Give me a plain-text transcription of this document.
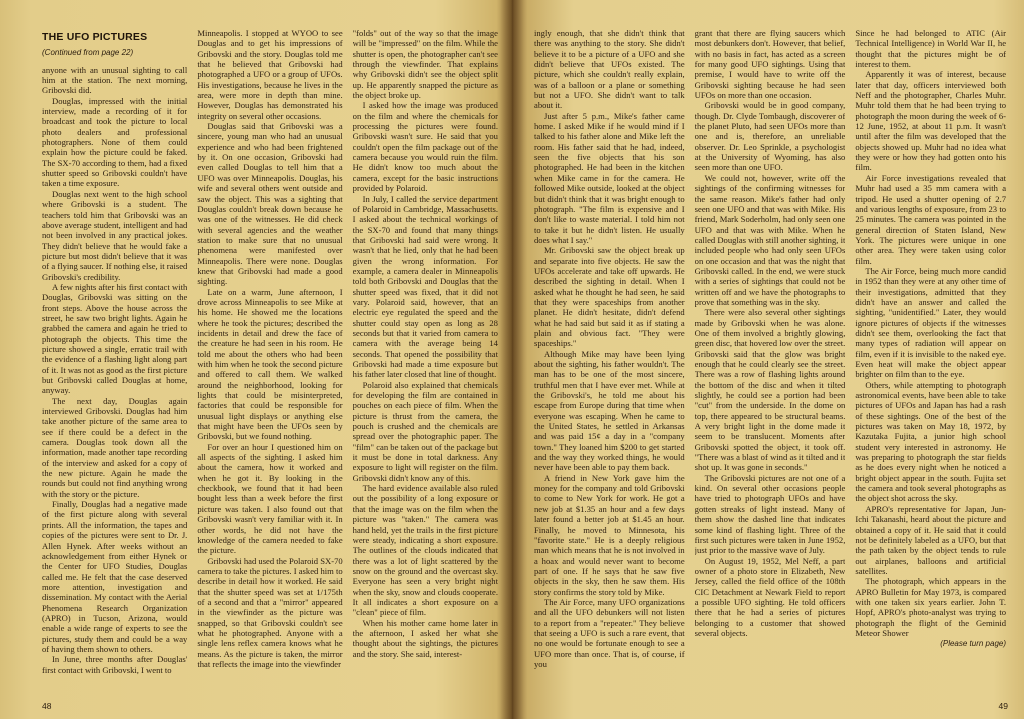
THE UFO PICTURES
(Continued from page 22)

anyone with an unusual sighting to call him at the station. The next morning, Gribovski did.

Douglas, impressed with the initial interview, made a recording of it for broadcast and took the picture to local photo dealers and professional photographers. None of them could explain how the picture could be faked. The SX-70 according to them, had a fixed shutter speed so Gribovski couldn't have taken a time exposure.

Douglas next went to the high school where Gribovski is a student. The teachers told him that Gribovski was an above average student, intelligent and had not been involved in any practical jokes. They didn't believe that he would fake a picture but most didn't believe that it was of a flying saucer. If nothing else, it raised Gribovski's credibility.

A few nights after his first contact with Douglas, Gribovski was sitting on the front steps. Above the house across the street, he saw two bright lights. Again he grabbed the camera and again he tried to photograph the objects. This time the picture showed a single, erratic trail with the evidence of a flashing light along part of it. It was not as good as the first picture but Gribovski called Douglas at home, anyway.

The next day, Douglas again interviewed Gribovski. Douglas had him take another picture of the same area to see if there could be a defect in the camera. Douglas took down all the information, made another tape recording of the interview and asked for a copy of the new picture. Again he made the rounds but could not find anything wrong with the story or the picture.

Finally, Douglas had a negative made of the first picture along with several prints. All the information, the tapes and copies of the pictures were sent to Dr. J. Allen Hynek. After weeks without an acknowledgement from either Hynek or the Center for UFO Studies, Douglas called me. He felt that the case deserved more attention, investigation and dissemination. My contact with the Aerial Phenomena Research Organization (APRO) in Tucson, Arizona, would enable a wide range of experts to see the pictures, study them and could be a way of having them shown to others.

In June, three months after Douglas' first contact with Gribovski, I went to

Minneapolis. I stopped at WYOO to see Douglas and to get his impressions of Gribovski and the story. Douglas told me that he believed that Gribovski had photographed a UFO or a group of UFOs. His investigations, because he lives in the area, were more in depth than mine. However, Douglas has demonstrated his integrity on several other occasions.

Douglas said that Gribovski was a sincere, young man who had an unusual experience and who had been frightened by it. On one occasion, Gribovski had even called Douglas to tell him that a UFO was over Minneapolis. Douglas, his wife and several others went outside and saw the object. This was a sighting that Douglas couldn't break down because he was one of the witnesses. He did check with several agencies and the weather station to make sure that no unusual phenomena were manifested over Minneapolis. There were none. Douglas knew that Gribovski had made a good sighting.

Late on a warm, June afternoon, I drove across Minneapolis to see Mike at his home. He showed me the locations where he took the pictures; described the incidents in detail and drew the face of the creature he had seen in his room. He told me about the others who had been with him when he took the second picture and offered to call them. We walked around the neighborhood, looking for lights that could be misinterpreted, factories that could be responsible for unusual light displays or anything else that might have been the UFOs seen by Gribovski, but we found nothing.

For over an hour I questioned him on all aspects of the sighting. I asked him about the camera, how it worked and when he got it. By looking in the checkbook, we found that it had been bought less than a week before the first picture was taken. I also found out that Gribovski wasn't very familiar with it. In other words, he did not have the knowledge of the camera needed to fake the picture.

Gribovski had used the Polaroid SX-70 camera to take the pictures. I asked him to describe in detail how it worked. He said that the shutter speed was set at 1/175th of a second and that a "mirror" appeared in the viewfinder as the picture was snapped, so that Gribovski couldn't see what he photographed. Anyone with a single lens reflex camera knows what he means. As the picture is taken, the mirror that reflects the image into the viewfinder

"folds" out of the way so that the image will be "impressed" on the film. While the shutter is open, the photographer can't see through the viewfinder. That explains why Gribovski didn't see the object split up. He apparently snapped the picture as the object broke up.

I asked how the image was produced on the film and where the chemicals for processing the pictures were found. Gribovski wasn't sure. He said that you couldn't open the film package out of the camera because you would ruin the film. He didn't know too much about the camera, except for the basic instructions provided by Polaroid.

In July, I called the service department of Polaroid in Cambridge, Massachusetts. I asked about the technical workings of the SX-70 and found that many things that Gribovski had said were wrong. It wasn't that he lied, only that he had been given the wrong information. For example, a camera dealer in Minneapolis told both Gribovski and Douglas that the shutter speed was fixed, that it did not vary. Polaroid said, however, that an electric eye regulated the speed and the shutter could stay open as long as 28 seconds but that it varied from camera to camera with the average being 14 seconds. That opened the possibility that Gribovski had made a time exposure but his father later closed that line of thought.

Polaroid also explained that chemicals for developing the film are contained in pouches on each piece of film. When the picture is thrust from the camera, the pouch is crushed and the chemicals are spread over the photographic paper. The "film" can be taken out of the package but it must be done in total darkness. Any exposure to light will register on the film. Gribovski didn't know any of this.

The hard evidence available also ruled out the possibility of a long exposure or that the image was on the film when the picture was "taken." The camera was hand held, yet the trails in the first picture were steady, indicating a short exposure. The outlines of the clouds indicated that there was a lot of light scattered by the snow on the ground and the overcast sky. Everyone has seen a very bright night when the sky, snow and clouds cooperate. It all indicates a short exposure on a "clean" piece of film.

When his mother came home later in the afternoon, I asked her what she thought about the sightings, the pictures and the story. She said, interest-

48

ingly enough, that she didn't think that there was anything to the story. She didn't believe it to be a picture of a UFO and she didn't believe that UFOs existed. The picture, which she couldn't really explain, was of a balloon or a plane or something but not a UFO. She didn't want to talk about it.

Just after 5 p.m., Mike's father came home. I asked Mike if he would mind if I talked to his father alone and Mike left the room. His father said that he had, indeed, seen the five objects that his son photographed. He had been in the kitchen when Mike came in for the camera. He followed Mike outside, looked at the object but didn't think that it was bright enough to photograph. "The film is expensive and I don't like to waste material. I told him not to take it but he didn't listen. He usually does what I say."

Mr. Gribovski saw the object break up and separate into five objects. He saw the UFOs accelerate and take off upwards. He described the sighting in detail. When I asked what he thought he had seen, he said that they were spaceships from another planet. He didn't hesitate, didn't defend what he had said but said it as if stating a plain and obvious fact. "They were spaceships."

Although Mike may have been lying about the sighting, his father wouldn't. The man has to be one of the most sincere, truthful men that I have ever met. While at the Gribovski's, he told me about his escape from Europe during that time when everyone was escaping. When he came to the United States, he settled in Arkansas and was paid 15¢ a day in a "company town." They loaned him $200 to get started and the way they worked things, he would never have been able to pay them back.

A friend in New York gave him the money for the company and told Gribovski to come to New York for work. He got a new job at $1.35 an hour and a few days later found a better job at $1.45 an hour. Finally, he moved to Minnesota, his "favorite state." He is a deeply religious man which means that he is not involved in a hoax and would never want to become part of one. If he says that he saw five objects in the sky, then he saw them. His story confirms the story told by Mike.

The Air Force, many UFO organizations and all the UFO debunkers will not listen to a report from a "repeater." They believe that seeing a UFO is such a rare event, that no one would be fortunate enough to see a UFO more than once. That is, of course, if you

grant that there are flying saucers which most debunkers don't. However, that belief, with no basis in fact, has acted as a screen for many good UFO sightings. Using that premise, I would have to write off the Gribovski sighting because he had seen UFOs on more than one occasion.

Gribovski would be in good company, though. Dr. Clyde Tombaugh, discoverer of the planet Pluto, had seen UFOs more than one and is, therefore, an unreliable observer. Dr. Leo Sprinkle, a psychologist at the University of Wyoming, has also seen more than one UFO.

We could not, however, write off the sightings of the confirming witnesses for the same reason. Mike's father had only seen one UFO and that was with Mike. His friend, Mark Soderholm, had only seen one UFO and that was with Mike. When he called Douglas with still another sighting, it included people who had only seen UFOs on one occasion and that was the night that Gribovski called. In the end, we were stuck with a series of sightings that could not be written off and we have the photographs to prove that something was in the sky.

There were also several other sightings made by Gribovski when he was alone. One of them involved a brightly glowing, green disc, that hovered low over the street. Gribovski said that the glow was bright enough that he could clearly see the street. There was a row of flashing lights around the bottom of the disc and when it tilted slightly, he could see a portion had been "cut" from the underside. In the dome on top, there appeared to be structural beams. A very bright light in the dome made it seem to be translucent. Moments after Gribovski spotted the object, it took off. "There was a blast of wind as it tilted and it shot up. It was gone in seconds."

The Gribovski pictures are not one of a kind. On several other occasions people have tried to photograph UFOs and have gotten streaks of light instead. Many of them show the dashed line that indicates some kind of flashing light. Three of the first such pictures were taken in June 1952, just prior to the massive wave of July.

On August 19, 1952, Mel Neff, a part owner of a photo store in Elizabeth, New Jersey, called the field office of the 108th CIC Detachment at Newark Field to report a possible UFO sighting. He told officers there that he had a series of pictures belonging to a customer that showed several objects.

Since he had belonged to ATIC (Air Technical Intelligence) in World War II, he thought that the pictures might be of interest to them.

Apparently it was of interest, because later that day, officers interviewed both Neff and the photographer, Charles Muhr. Muhr told them that he had been trying to photograph the moon during the week of 6-12 June, 1952, at about 11 p.m. It wasn't until after the film was developed that the objects showed up. Muhr had no idea what they were or how they had gotten onto his film.

Air Force investigations revealed that Muhr had used a 35 mm camera with a tripod. He used a shutter opening of 2.7 and various lengths of exposure, from 23 to 25 minutes. The camera was pointed in the general direction of Staten Island, New York. The pictures were unique in one other area. They were taken using color film.

The Air Force, being much more candid in 1952 than they were at any other time of their investigations, admitted that they didn't have an answer and called the sighting, "unidentified." Later, they would ignore pictures of objects if the witnesses didn't see them, overlooking the fact that many types of radiation will appear on film, even if it is invisible to the naked eye. Even heat will make the object appear brighter on film than to the eye.

Others, while attempting to photograph astronomical events, have been able to take pictures of UFOs and Japan has had a rash of these sightings. One of the best of the pictures was taken on May 18, 1972, by Kazutaka Fujita, a junior high school student very interested in astronomy. He was preparing to photograph the star fields as he does every night when he noticed a bright object appear in the south. Fujita set the camera and took several photographs as the object shot across the sky.

APRO's representative for Japan, Jun-Ichi Takanashi, heard about the picture and obtained a copy of it. He said that it could not be definitely labeled as a UFO, but that the path taken by the object tends to rule out airplanes, balloons and artificial satellites.

The photograph, which appears in the APRO Bulletin for May 1973, is compared with one taken six years earlier. John T. Hopf, APRO's photo-analyst was trying to photograph the flight of the Geminid Meteor Shower

(Please turn page)
49
